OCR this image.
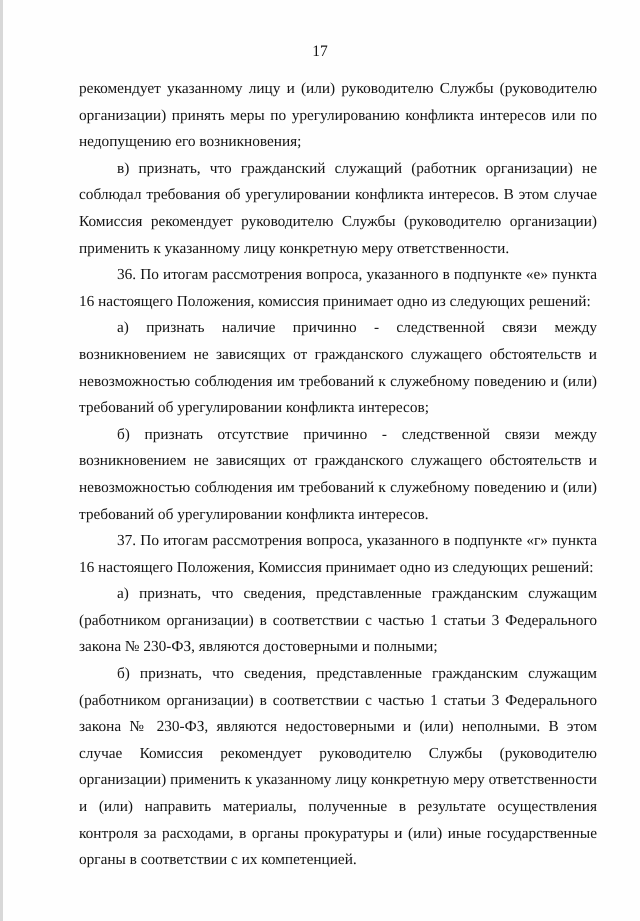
17

рекомендует указанному лицу и (или) руководителю Службы (руководителю организации) принять меры по урегулированию конфликта интересов или по недопущению его возникновения;

в) признать, что гражданский служащий (работник организации) не соблюдал требования об урегулировании конфликта интересов. В этом случае Комиссия рекомендует руководителю Службы (руководителю организации) применить к указанному лицу конкретную меру ответственности.

36. По итогам рассмотрения вопроса, указанного в подпункте «е» пункта 16 настоящего Положения, комиссия принимает одно из следующих решений:

а) признать наличие причинно - следственной связи между возникновением не зависящих от гражданского служащего обстоятельств и невозможностью соблюдения им требований к служебному поведению и (или) требований об урегулировании конфликта интересов;

б) признать отсутствие причинно - следственной связи между возникновением не зависящих от гражданского служащего обстоятельств и невозможностью соблюдения им требований к служебному поведению и (или) требований об урегулировании конфликта интересов.

37. По итогам рассмотрения вопроса, указанного в подпункте «г» пункта 16 настоящего Положения, Комиссия принимает одно из следующих решений:

а) признать, что сведения, представленные гражданским служащим (работником организации) в соответствии с частью 1 статьи 3 Федерального закона № 230-ФЗ, являются достоверными и полными;

б) признать, что сведения, представленные гражданским служащим (работником организации) в соответствии с частью 1 статьи 3 Федерального закона № 230-ФЗ, являются недостоверными и (или) неполными. В этом случае Комиссия рекомендует руководителю Службы (руководителю организации) применить к указанному лицу конкретную меру ответственности и (или) направить материалы, полученные в результате осуществления контроля за расходами, в органы прокуратуры и (или) иные государственные органы в соответствии с их компетенцией.
